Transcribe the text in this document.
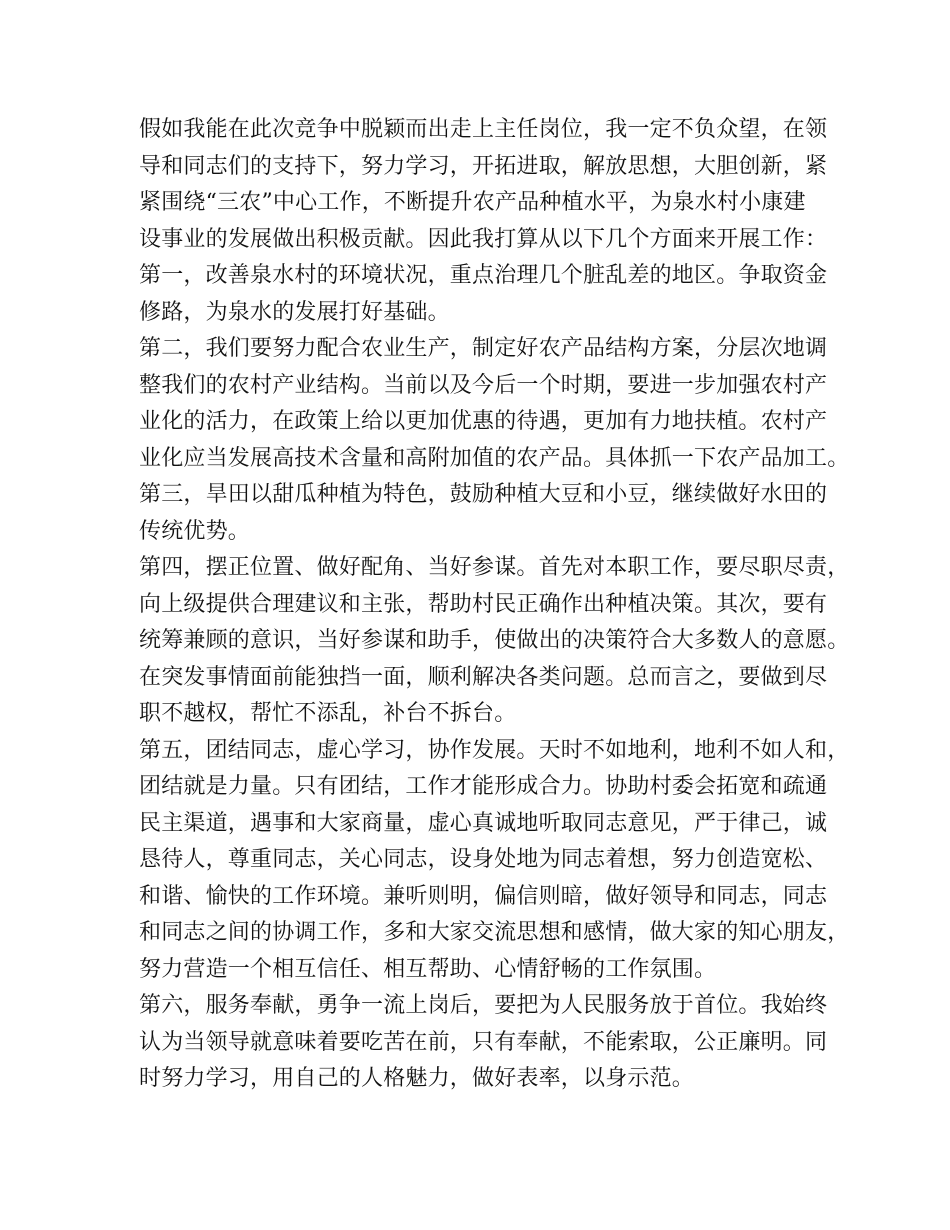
假如我能在此次竞争中脱颖而出走上主任岗位，我一定不负众望，在领
导和同志们的支持下，努力学习，开拓进取，解放思想，大胆创新，紧
紧围绕“三农”中心工作，不断提升农产品种植水平，为泉水村小康建
设事业的发展做出积极贡献。因此我打算从以下几个方面来开展工作：
第一，改善泉水村的环境状况，重点治理几个脏乱差的地区。争取资金
修路，为泉水的发展打好基础。
第二，我们要努力配合农业生产，制定好农产品结构方案，分层次地调
整我们的农村产业结构。当前以及今后一个时期，要进一步加强农村产
业化的活力，在政策上给以更加优惠的待遇，更加有力地扶植。农村产
业化应当发展高技术含量和高附加值的农产品。具体抓一下农产品加工。
第三，旱田以甜瓜种植为特色，鼓励种植大豆和小豆，继续做好水田的
传统优势。
第四，摆正位置、做好配角、当好参谋。首先对本职工作，要尽职尽责，
向上级提供合理建议和主张，帮助村民正确作出种植决策。其次，要有
统筹兼顾的意识，当好参谋和助手，使做出的决策符合大多数人的意愿。
在突发事情面前能独挡一面，顺利解决各类问题。总而言之，要做到尽
职不越权，帮忙不添乱，补台不拆台。
第五，团结同志，虚心学习，协作发展。天时不如地利，地利不如人和，
团结就是力量。只有团结，工作才能形成合力。协助村委会拓宽和疏通
民主渠道，遇事和大家商量，虚心真诚地听取同志意见，严于律己，诚
恳待人，尊重同志，关心同志，设身处地为同志着想，努力创造宽松、
和谐、愉快的工作环境。兼听则明，偏信则暗，做好领导和同志，同志
和同志之间的协调工作，多和大家交流思想和感情，做大家的知心朋友，
努力营造一个相互信任、相互帮助、心情舒畅的工作氛围。
第六，服务奉献，勇争一流上岗后，要把为人民服务放于首位。我始终
认为当领导就意味着要吃苦在前，只有奉献，不能索取，公正廉明。同
时努力学习，用自己的人格魅力，做好表率，以身示范。
